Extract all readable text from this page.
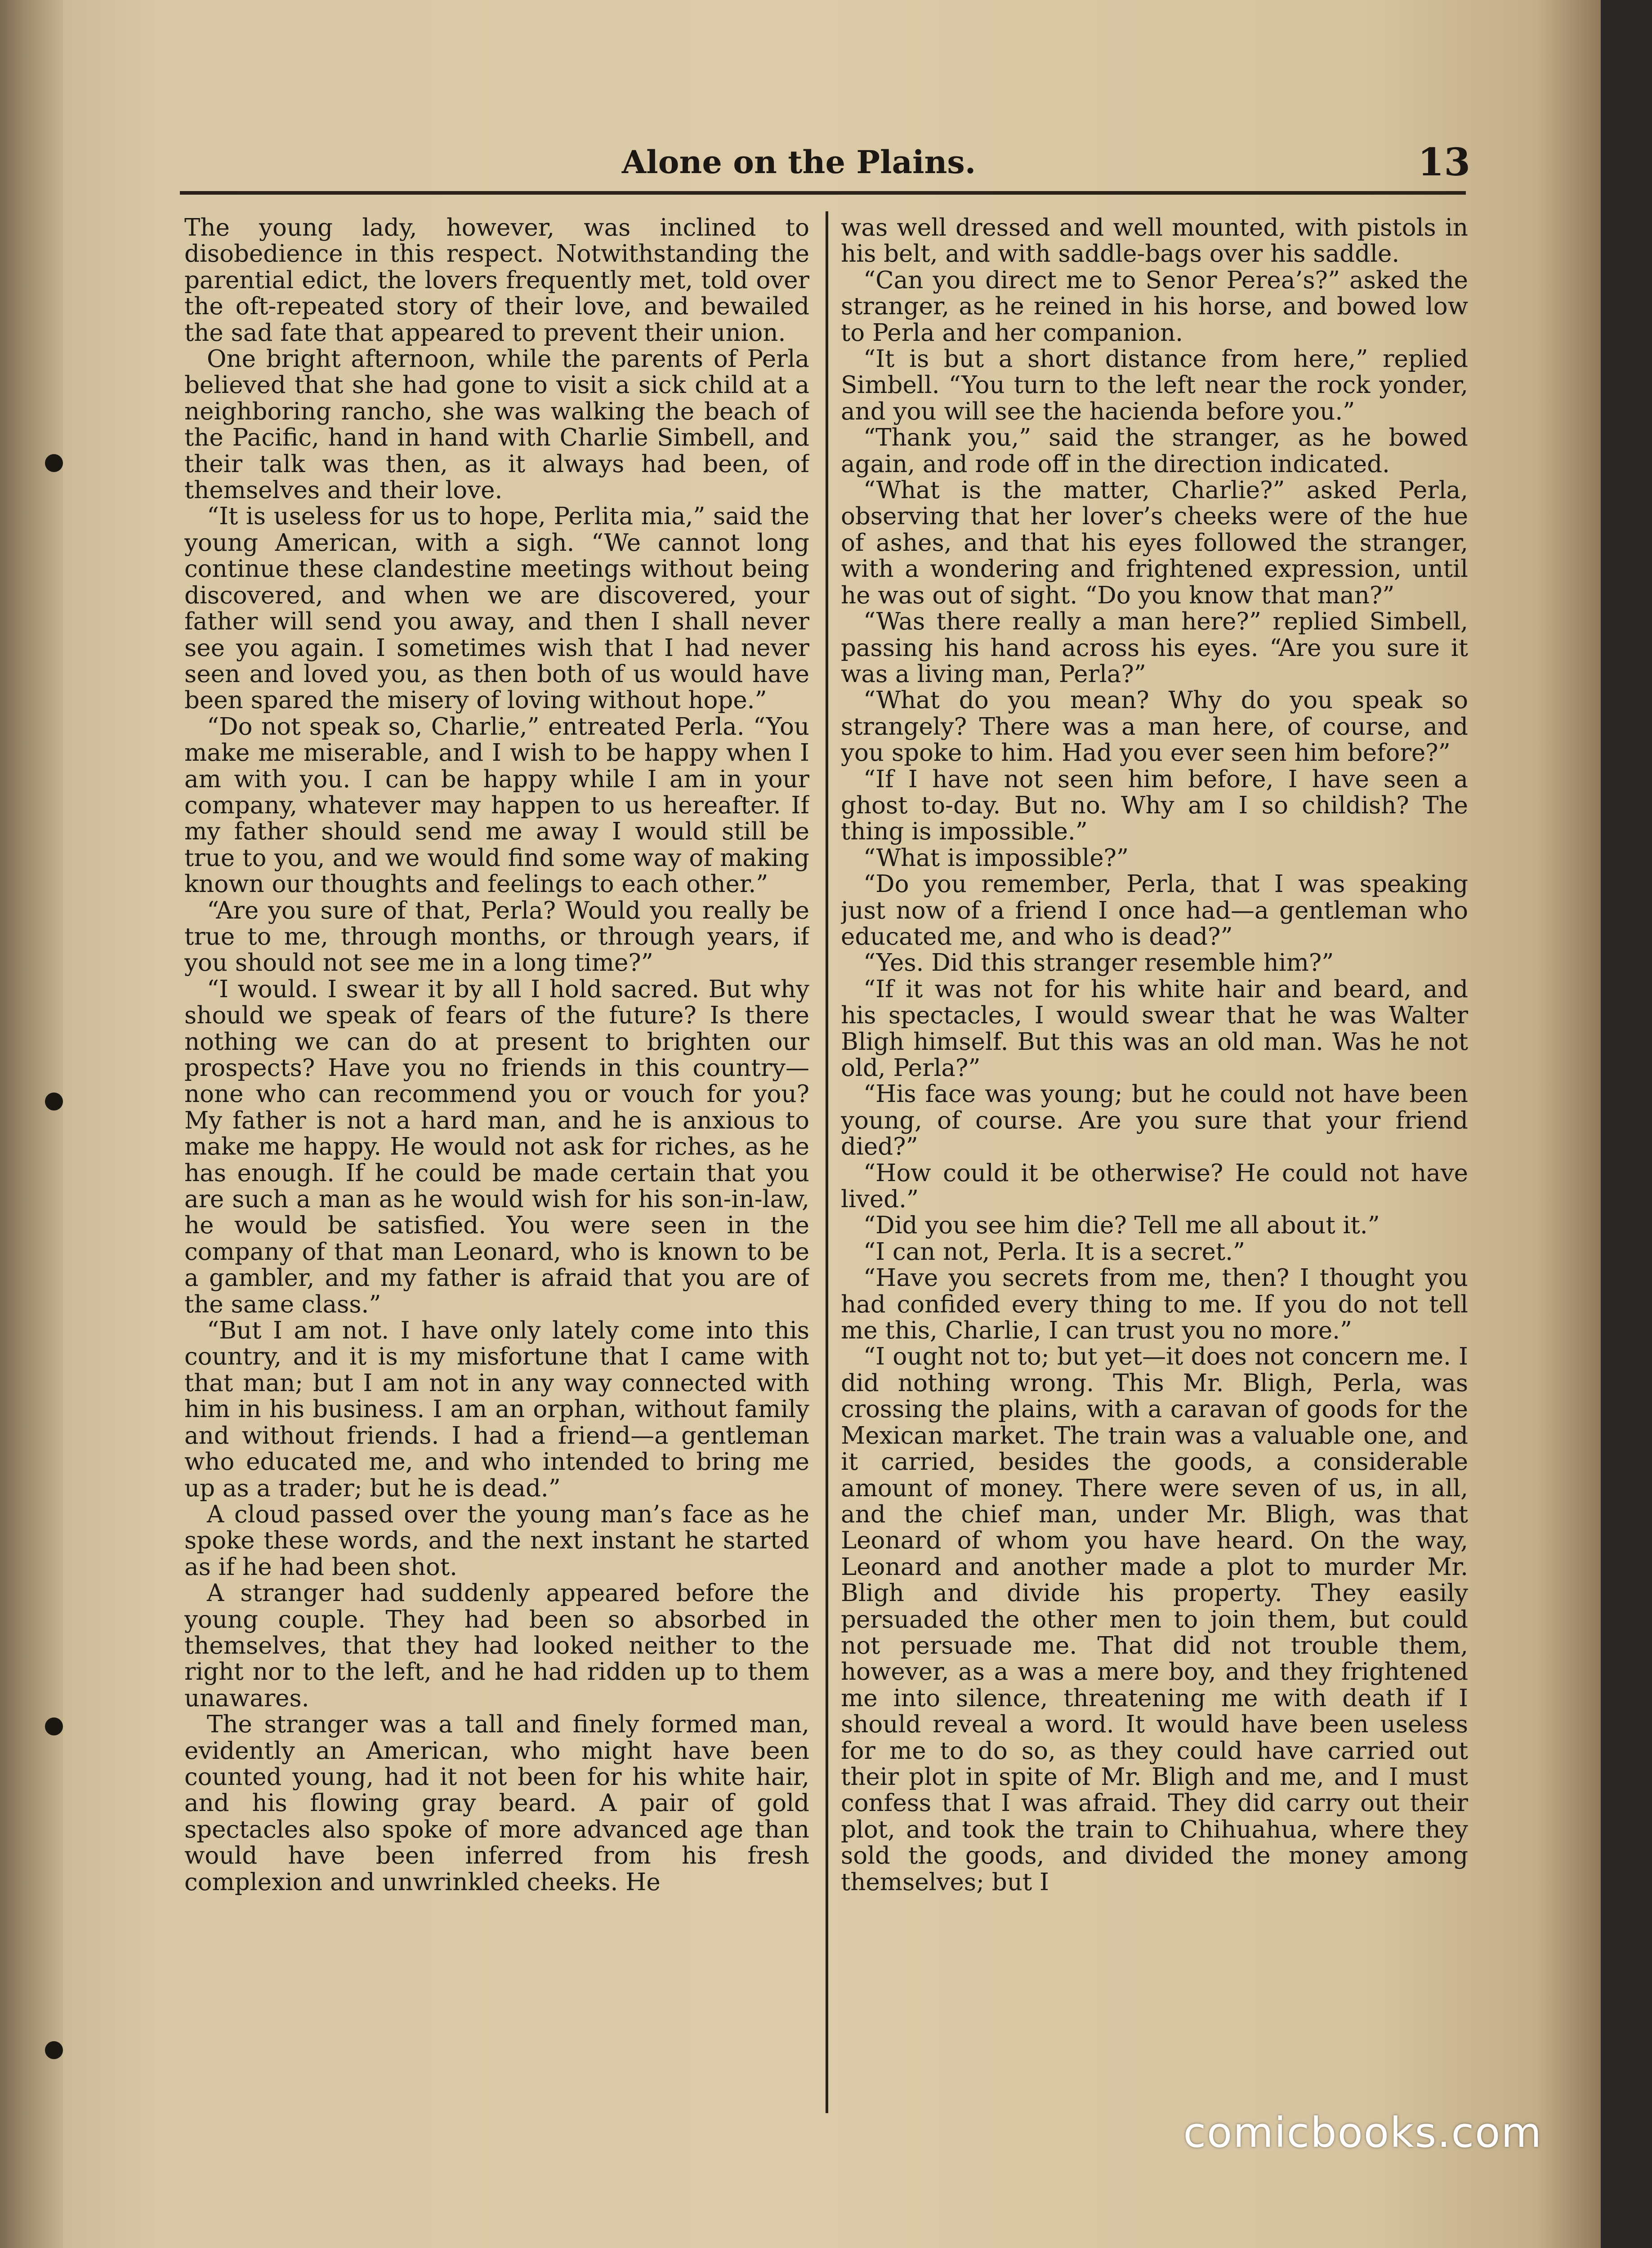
Alone on the Plains.	13

The young lady, however, was inclined to disobedience in this respect. Notwithstanding the parential edict, the lovers frequently met, told over the oft-repeated story of their love, and bewailed the sad fate that appeared to prevent their union.

One bright afternoon, while the parents of Perla believed that she had gone to visit a sick child at a neighboring rancho, she was walking the beach of the Pacific, hand in hand with Charlie Simbell, and their talk was then, as it always had been, of themselves and their love.

“It is useless for us to hope, Perlita mia,” said the young American, with a sigh. “We cannot long continue these clandestine meetings without being discovered, and when we are discovered, your father will send you away, and then I shall never see you again. I sometimes wish that I had never seen and loved you, as then both of us would have been spared the misery of loving without hope.”

“Do not speak so, Charlie,” entreated Perla. “You make me miserable, and I wish to be happy when I am with you. I can be happy while I am in your company, whatever may happen to us hereafter. If my father should send me away I would still be true to you, and we would find some way of making known our thoughts and feelings to each other.”

“Are you sure of that, Perla? Would you really be true to me, through months, or through years, if you should not see me in a long time?”

“I would. I swear it by all I hold sacred. But why should we speak of fears of the future? Is there nothing we can do at present to brighten our prospects? Have you no friends in this country—none who can recommend you or vouch for you? My father is not a hard man, and he is anxious to make me happy. He would not ask for riches, as he has enough. If he could be made certain that you are such a man as he would wish for his son-in-law, he would be satisfied. You were seen in the company of that man Leonard, who is known to be a gambler, and my father is afraid that you are of the same class.”

“But I am not. I have only lately come into this country, and it is my misfortune that I came with that man; but I am not in any way connected with him in his business. I am an orphan, without family and without friends. I had a friend—a gentleman who educated me, and who intended to bring me up as a trader; but he is dead.”

A cloud passed over the young man’s face as he spoke these words, and the next instant he started as if he had been shot.

A stranger had suddenly appeared before the young couple. They had been so absorbed in themselves, that they had looked neither to the right nor to the left, and he had ridden up to them unawares.

The stranger was a tall and finely formed man, evidently an American, who might have been counted young, had it not been for his white hair, and his flowing gray beard. A pair of gold spectacles also spoke of more advanced age than would have been inferred from his fresh complexion and unwrinkled cheeks. He

was well dressed and well mounted, with pistols in his belt, and with saddle-bags over his saddle.

“Can you direct me to Senor Perea’s?” asked the stranger, as he reined in his horse, and bowed low to Perla and her companion.

“It is but a short distance from here,” replied Simbell. “You turn to the left near the rock yonder, and you will see the hacienda before you.”

“Thank you,” said the stranger, as he bowed again, and rode off in the direction indicated.

“What is the matter, Charlie?” asked Perla, observing that her lover’s cheeks were of the hue of ashes, and that his eyes followed the stranger, with a wondering and frightened expression, until he was out of sight. “Do you know that man?”

“Was there really a man here?” replied Simbell, passing his hand across his eyes. “Are you sure it was a living man, Perla?”

“What do you mean? Why do you speak so strangely? There was a man here, of course, and you spoke to him. Had you ever seen him before?”

“If I have not seen him before, I have seen a ghost to-day. But no. Why am I so childish? The thing is impossible.”

“What is impossible?”

“Do you remember, Perla, that I was speaking just now of a friend I once had—a gentleman who educated me, and who is dead?”

“Yes. Did this stranger resemble him?”

“If it was not for his white hair and beard, and his spectacles, I would swear that he was Walter Bligh himself. But this was an old man. Was he not old, Perla?”

“His face was young; but he could not have been young, of course. Are you sure that your friend died?”

“How could it be otherwise? He could not have lived.”

“Did you see him die? Tell me all about it.”

“I can not, Perla. It is a secret.”

“Have you secrets from me, then? I thought you had confided every thing to me. If you do not tell me this, Charlie, I can trust you no more.”

“I ought not to; but yet—it does not concern me. I did nothing wrong. This Mr. Bligh, Perla, was crossing the plains, with a caravan of goods for the Mexican market. The train was a valuable one, and it carried, besides the goods, a considerable amount of money. There were seven of us, in all, and the chief man, under Mr. Bligh, was that Leonard of whom you have heard. On the way, Leonard and another made a plot to murder Mr. Bligh and divide his property. They easily persuaded the other men to join them, but could not persuade me. That did not trouble them, however, as a was a mere boy, and they frightened me into silence, threatening me with death if I should reveal a word. It would have been useless for me to do so, as they could have carried out their plot in spite of Mr. Bligh and me, and I must confess that I was afraid. They did carry out their plot, and took the train to Chihuahua, where they sold the goods, and divided the money among themselves; but I

comicbooks.com
